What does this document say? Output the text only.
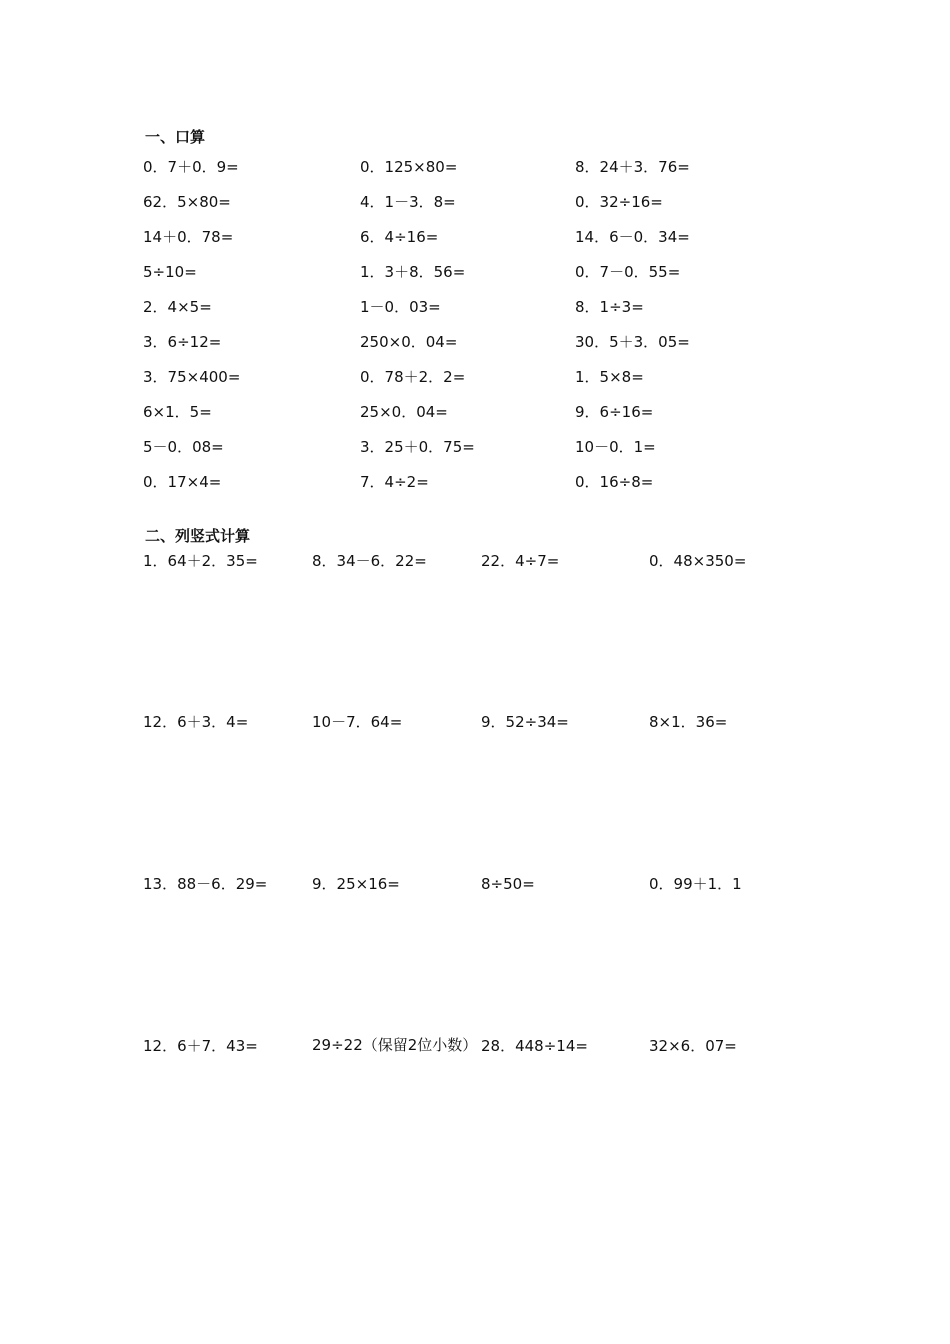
一、口算
0．7＋0．9=	0．125×80=	8．24＋3．76=
62．5×80=	4．1－3．8=	0．32÷16=
14＋0．78=	6．4÷16=	14．6－0．34=
5÷10=	1．3＋8．56=	0．7－0．55=
2．4×5=	1－0．03=	8．1÷3=
3．6÷12=	250×0．04=	30．5＋3．05=
3．75×400=	0．78＋2．2=	1．5×8=
6×1．5=	25×0．04=	9．6÷16=
5－0．08=	3．25＋0．75=	10－0．1=
0．17×4=	7．4÷2=	0．16÷8=
二、列竖式计算
1．64＋2．35=	8．34－6．22=	22．4÷7=	0．48×350=
12．6＋3．4=	10－7．64=	9．52÷34=	8×1．36=
13．88－6．29=	9．25×16=	8÷50=	0．99＋1．1
12．6＋7．43=	29÷22（保留2位小数） 28．448÷14=	32×6．07=
